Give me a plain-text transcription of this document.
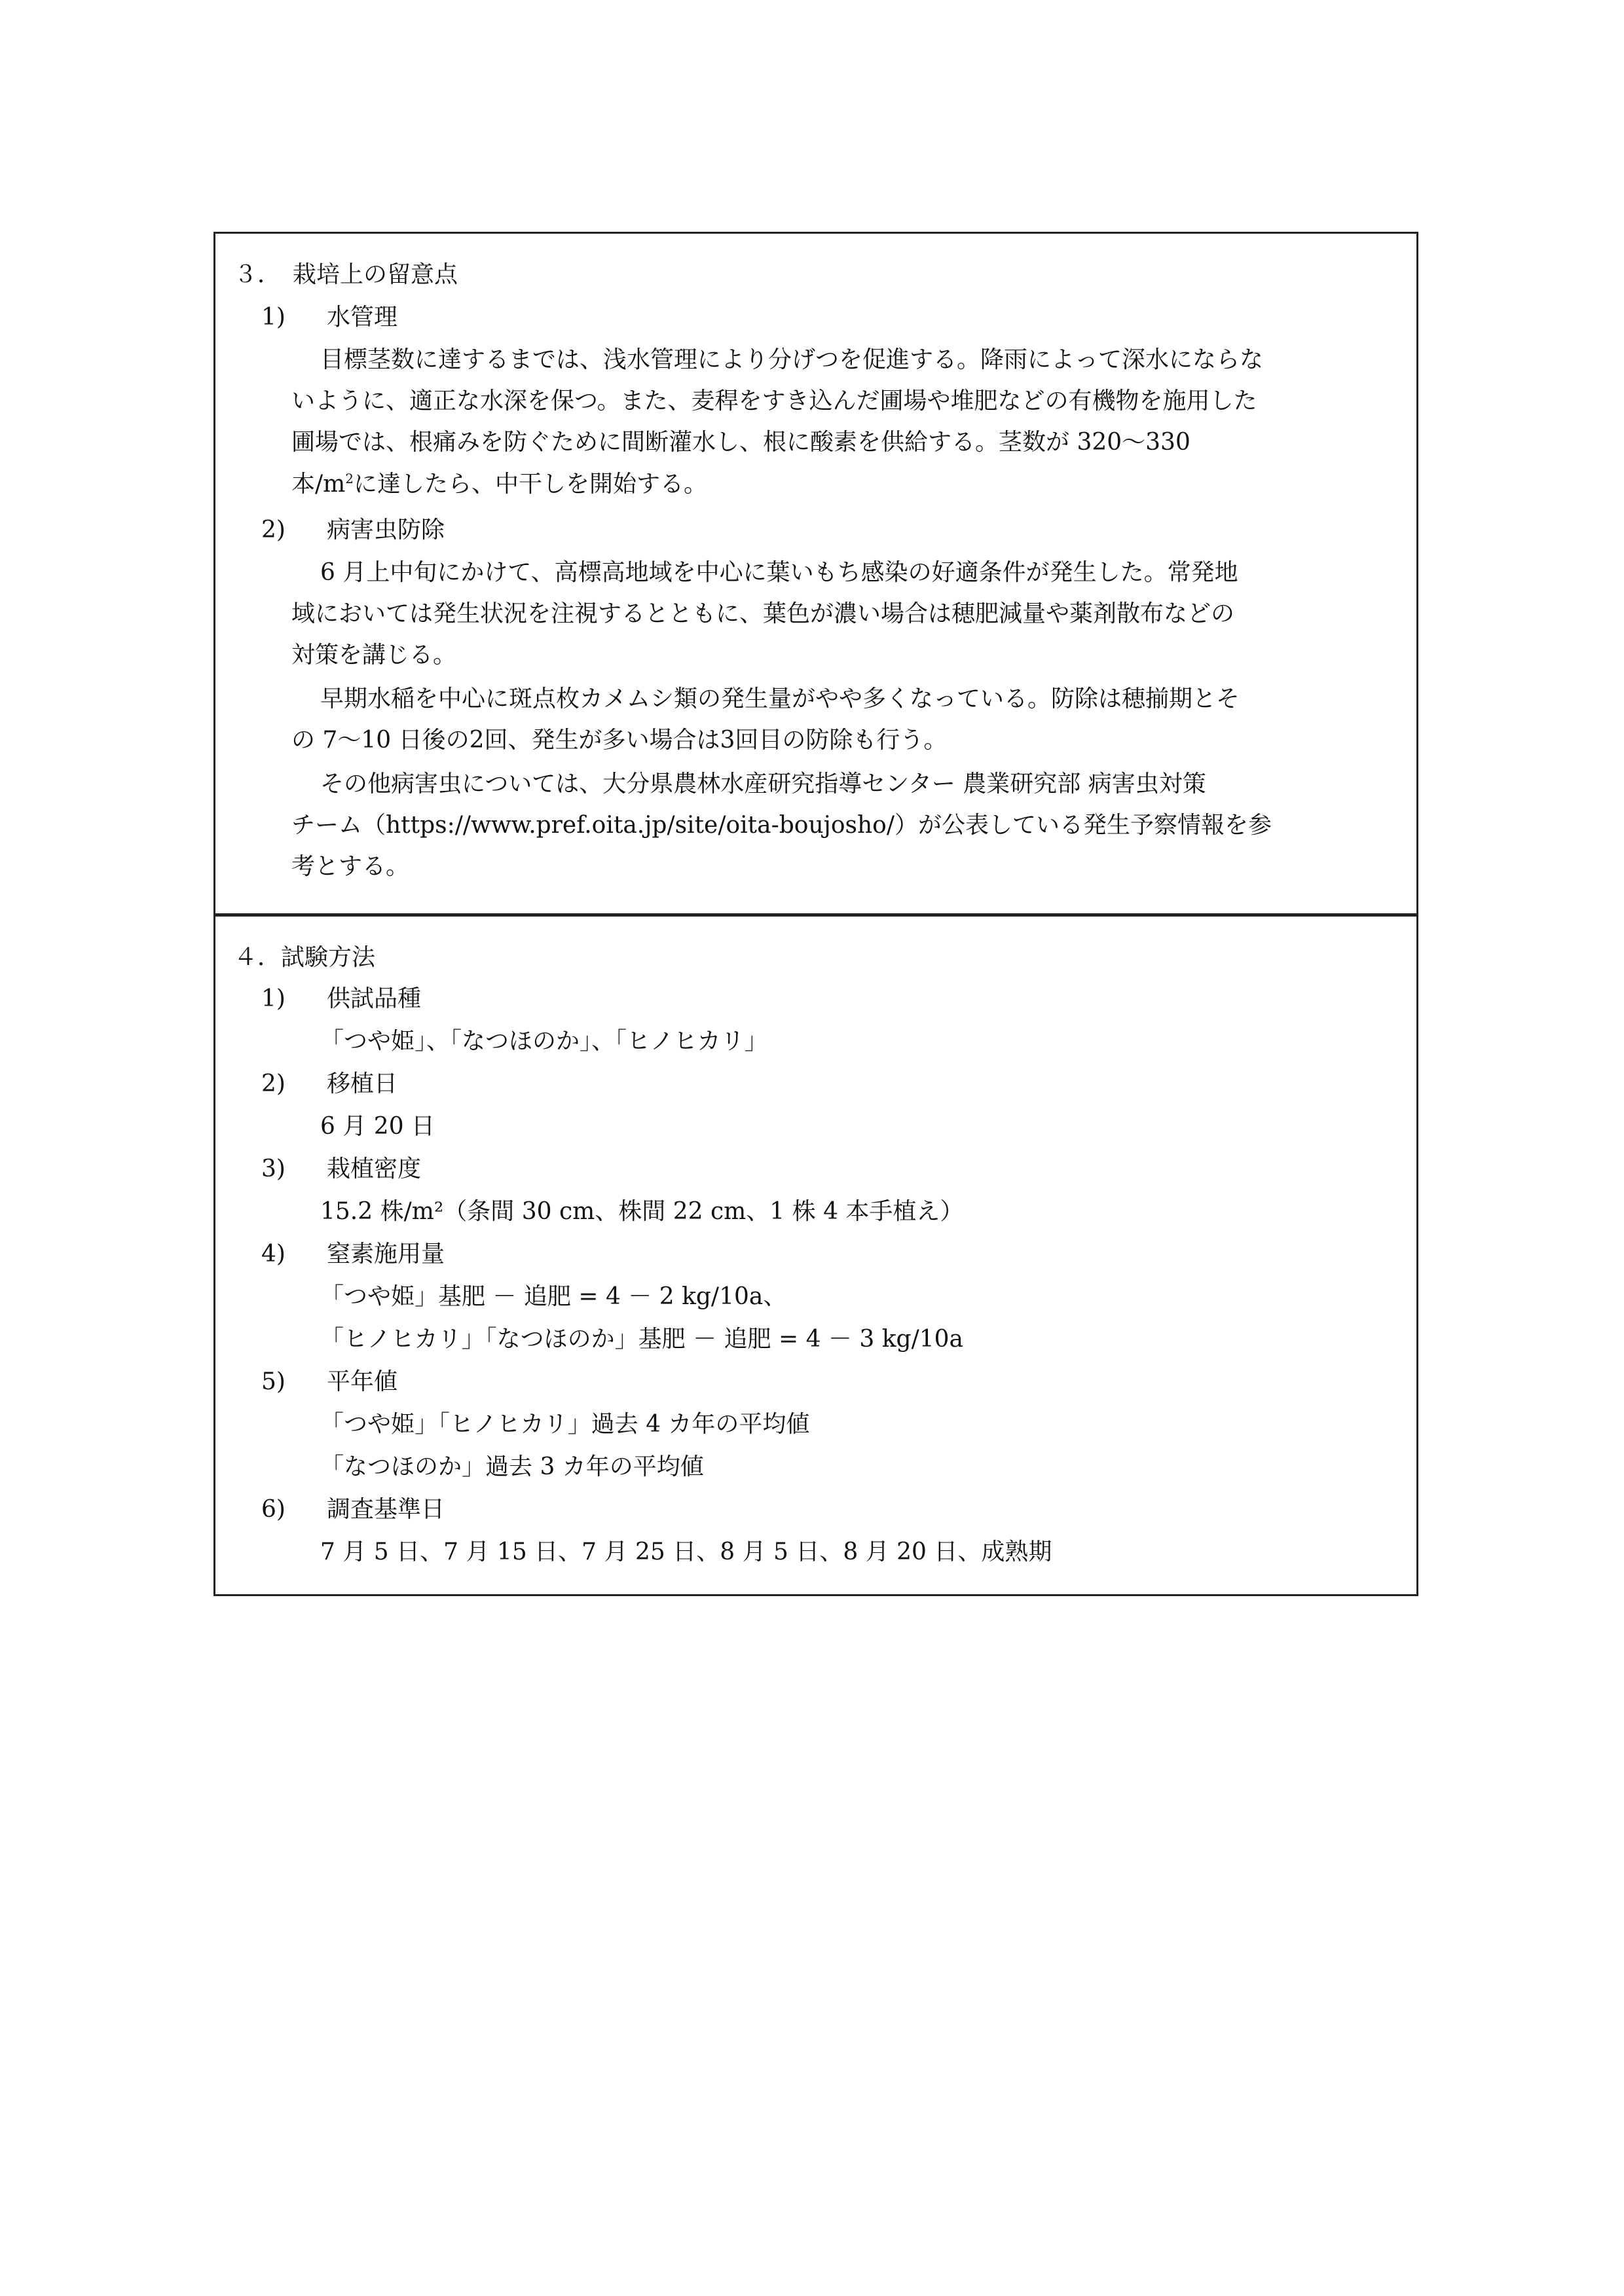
３．　栽培上の留意点
1) 水管理
目標茎数に達するまでは、浅水管理により分げつを促進する。降雨によって深水にならな
いように、適正な水深を保つ。また、麦稈をすき込んだ圃場や堆肥などの有機物を施用した
圃場では、根痛みを防ぐために間断灌水し、根に酸素を供給する。茎数が 320～330
本$/m^2$に達したら、中干しを開始する。
2) 病害虫防除
6 月上中旬にかけて、高標高地域を中心に葉いもち感染の好適条件が発生した。常発地
域においては発生状況を注視するとともに、葉色が濃い場合は穂肥減量や薬剤散布などの
対策を講じる。
早期水稲を中心に斑点枚カメムシ類の発生量がやや多くなっている。防除は穂揃期とそ
の 7～10 日後の2回、発生が多い場合は3回目の防除も行う。
その他病害虫については、大分県農林水産研究指導センター 農業研究部 病害虫対策
チーム（https://www.pref.oita.jp/site/oita-boujosho/）が公表している発生予察情報を参
考とする。
４．試験方法
1) 供試品種
「つや姫」、「なつほのか」、「ヒノヒカリ」
2) 移植日
6 月 20 日
3) 栽植密度
15.2 株/m²（条間 30 cm、株間 22 cm、1 株 4 本手植え）
4) 窒素施用量
「つや姫」基肥 － 追肥 = 4 － 2 kg/10a、
「ヒノヒカリ」「なつほのか」基肥 － 追肥 = 4 － 3 kg/10a
5) 平年値
「つや姫」「ヒノヒカリ」過去 4 カ年の平均値
「なつほのか」過去 3 カ年の平均値
6) 調査基準日
7 月 5 日、7 月 15 日、7 月 25 日、8 月 5 日、8 月 20 日、成熟期
